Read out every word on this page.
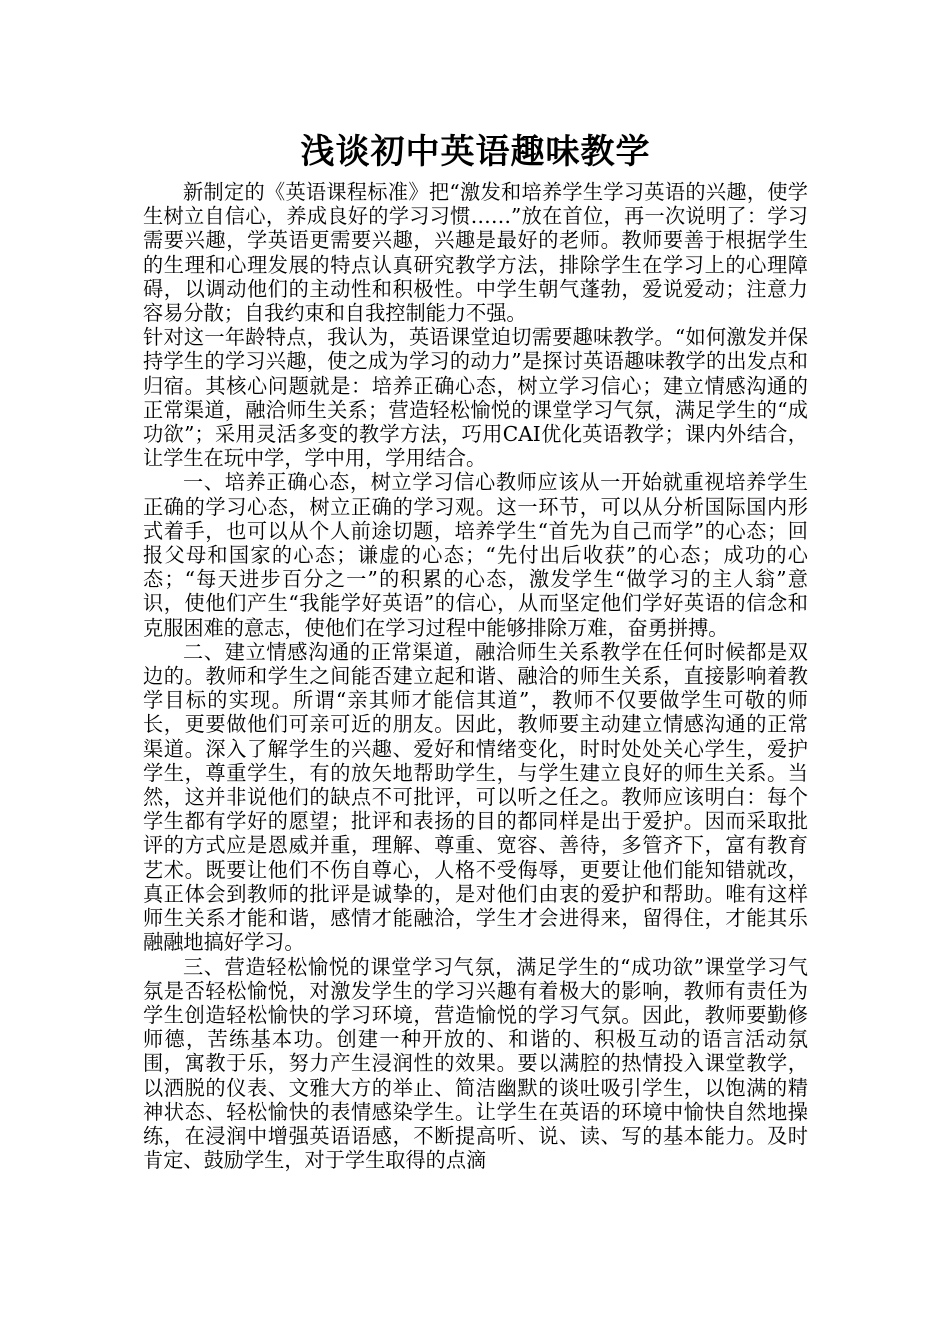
浅谈初中英语趣味教学

新制定的《英语课程标准》把“激发和培养学生学习英语的兴趣，使学生树立自信心，养成良好的学习习惯……”放在首位，再一次说明了：学习需要兴趣，学英语更需要兴趣，兴趣是最好的老师。教师要善于根据学生的生理和心理发展的特点认真研究教学方法，排除学生在学习上的心理障碍，以调动他们的主动性和积极性。中学生朝气蓬勃，爱说爱动；注意力容易分散；自我约束和自我控制能力不强。

针对这一年龄特点，我认为，英语课堂迫切需要趣味教学。“如何激发并保持学生的学习兴趣，使之成为学习的动力”是探讨英语趣味教学的出发点和归宿。其核心问题就是：培养正确心态，树立学习信心；建立情感沟通的正常渠道，融洽师生关系；营造轻松愉悦的课堂学习气氛，满足学生的“成功欲”；采用灵活多变的教学方法，巧用CAI优化英语教学；课内外结合，让学生在玩中学，学中用，学用结合。

一、培养正确心态，树立学习信心教师应该从一开始就重视培养学生正确的学习心态，树立正确的学习观。这一环节，可以从分析国际国内形式着手，也可以从个人前途切题，培养学生“首先为自己而学”的心态；回报父母和国家的心态；谦虚的心态；“先付出后收获”的心态；成功的心态；“每天进步百分之一”的积累的心态，激发学生“做学习的主人翁”意识，使他们产生“我能学好英语”的信心，从而坚定他们学好英语的信念和克服困难的意志，使他们在学习过程中能够排除万难，奋勇拼搏。

二、建立情感沟通的正常渠道，融洽师生关系教学在任何时候都是双边的。教师和学生之间能否建立起和谐、融洽的师生关系，直接影响着教学目标的实现。所谓“亲其师才能信其道”，教师不仅要做学生可敬的师长，更要做他们可亲可近的朋友。因此，教师要主动建立情感沟通的正常渠道。深入了解学生的兴趣、爱好和情绪变化，时时处处关心学生，爱护学生，尊重学生，有的放矢地帮助学生，与学生建立良好的师生关系。当然，这并非说他们的缺点不可批评，可以听之任之。教师应该明白：每个学生都有学好的愿望；批评和表扬的目的都同样是出于爱护。因而采取批评的方式应是恩威并重，理解、尊重、宽容、善待，多管齐下，富有教育艺术。既要让他们不伤自尊心，人格不受侮辱，更要让他们能知错就改，真正体会到教师的批评是诚挚的，是对他们由衷的爱护和帮助。唯有这样师生关系才能和谐，感情才能融洽，学生才会进得来，留得住，才能其乐融融地搞好学习。

三、营造轻松愉悦的课堂学习气氛，满足学生的“成功欲”课堂学习气氛是否轻松愉悦，对激发学生的学习兴趣有着极大的影响，教师有责任为学生创造轻松愉快的学习环境，营造愉悦的学习气氛。因此，教师要勤修师德，苦练基本功。创建一种开放的、和谐的、积极互动的语言活动氛围，寓教于乐，努力产生浸润性的效果。要以满腔的热情投入课堂教学，以洒脱的仪表、文雅大方的举止、简洁幽默的谈吐吸引学生，以饱满的精神状态、轻松愉快的表情感染学生。让学生在英语的环境中愉快自然地操练，在浸润中增强英语语感，不断提高听、说、读、写的基本能力。及时肯定、鼓励学生，对于学生取得的点滴
